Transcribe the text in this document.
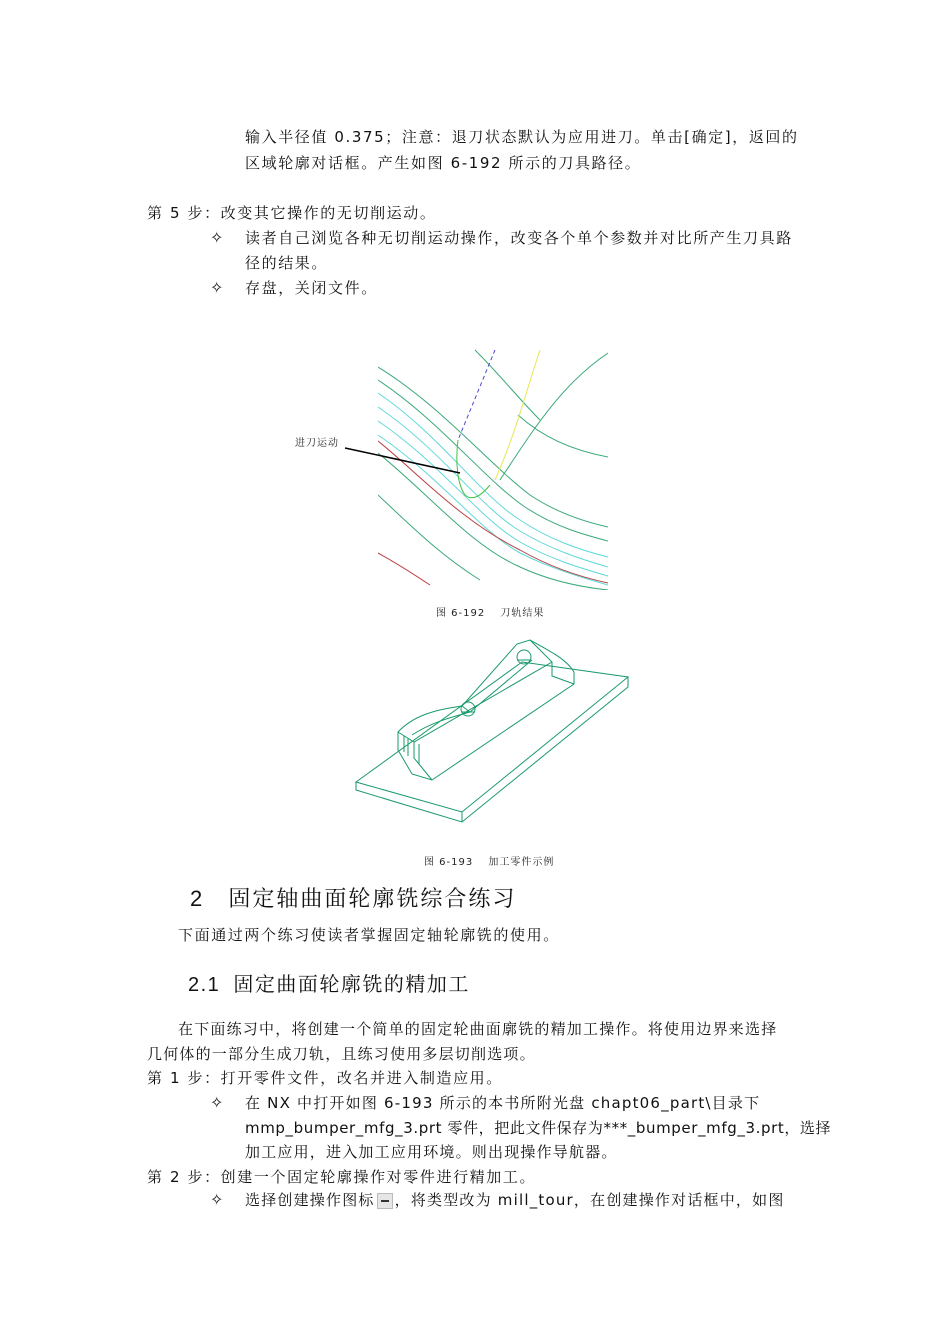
输入半径值 0.375；注意：退刀状态默认为应用进刀。单击[确定]，返回的
区域轮廓对话框。产生如图 6-192 所示的刀具路径。
第 5 步：改变其它操作的无切削运动。
✧ 读者自己浏览各种无切削运动操作，改变各个单个参数并对比所产生刀具路
径的结果。
✧ 存盘，关闭文件。
进刀运动
图 6-192　 刀轨结果
图 6-193　 加工零件示例
2 固定轴曲面轮廓铣综合练习
下面通过两个练习使读者掌握固定轴轮廓铣的使用。
2.1 固定曲面轮廓铣的精加工
在下面练习中，将创建一个简单的固定轮曲面廓铣的精加工操作。将使用边界来选择
几何体的一部分生成刀轨，且练习使用多层切削选项。
第 1 步：打开零件文件，改名并进入制造应用。
✧ 在 NX 中打开如图 6-193 所示的本书所附光盘 chapt06_part\目录下
mmp_bumper_mfg_3.prt 零件，把此文件保存为***_bumper_mfg_3.prt，选择
加工应用，进入加工应用环境。则出现操作导航器。
第 2 步：创建一个固定轮廓操作对零件进行精加工。
✧ 选择创建操作图标 ，将类型改为 mill_tour，在创建操作对话框中，如图
